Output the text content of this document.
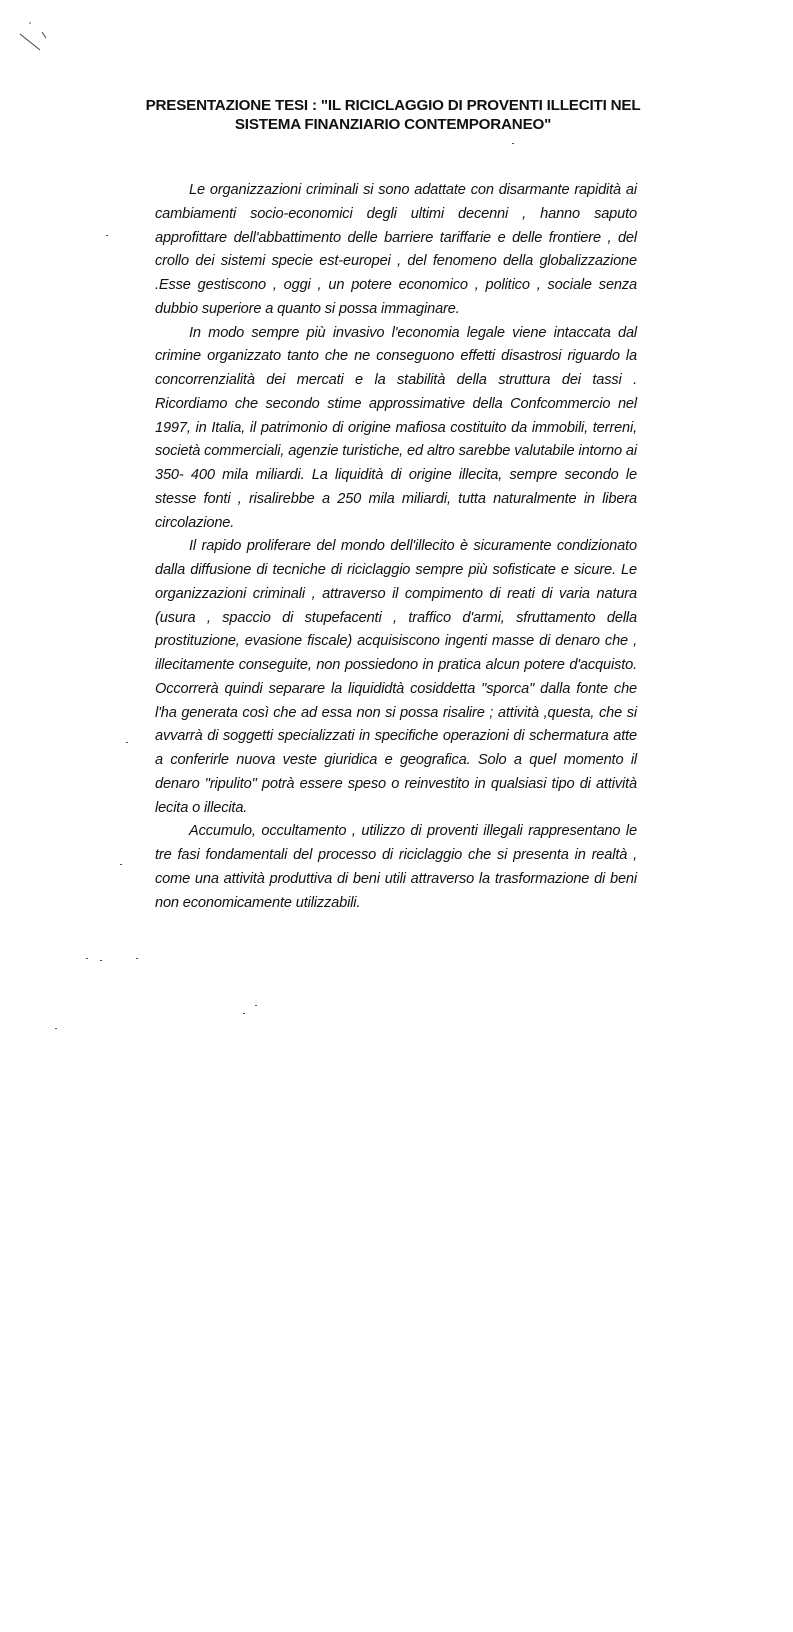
PRESENTAZIONE TESI : "IL RICICLAGGIO DI PROVENTI ILLECITI NEL
SISTEMA FINANZIARIO CONTEMPORANEO"

Le organizzazioni criminali si sono adattate con disarmante rapidità ai cambiamenti socio-economici degli ultimi decenni , hanno saputo approfittare dell'abbattimento delle barriere tariffarie e delle frontiere , del crollo dei sistemi specie est-europei , del fenomeno della globalizzazione .Esse gestiscono , oggi , un potere economico , politico , sociale senza dubbio superiore a quanto si possa immaginare.

In modo sempre più invasivo l'economia legale viene intaccata dal crimine organizzato tanto che ne conseguono effetti disastrosi riguardo la concorrenzialità dei mercati e la stabilità della struttura dei tassi . Ricordiamo che secondo stime approssimative della Confcommercio nel 1997, in Italia, il patrimonio di origine mafiosa costituito da immobili, terreni, società commerciali, agenzie turistiche, ed altro sarebbe valutabile intorno ai 350- 400 mila miliardi. La liquidità di origine illecita, sempre secondo le stesse fonti , risalirebbe a 250 mila miliardi, tutta naturalmente in libera circolazione.

Il rapido proliferare del mondo dell'illecito è sicuramente condizionato dalla diffusione di tecniche di riciclaggio sempre più sofisticate e sicure. Le organizzazioni criminali , attraverso il compimento di reati di varia natura (usura , spaccio di stupefacenti , traffico d'armi, sfruttamento della prostituzione, evasione fiscale) acquisiscono ingenti masse di denaro che , illecitamente conseguite, non possiedono in pratica alcun potere d'acquisto. Occorrerà quindi separare la liquididtà cosiddetta "sporca" dalla fonte che l'ha generata così che ad essa non si possa risalire ; attività ,questa, che si avvarrà di soggetti specializzati in specifiche operazioni di schermatura atte a conferirle nuova veste giuridica e geografica. Solo a quel momento il denaro "ripulito" potrà essere speso o reinvestito in qualsiasi tipo di attività lecita o illecita.

Accumulo, occultamento , utilizzo di proventi illegali rappresentano le tre fasi fondamentali del processo di riciclaggio che si presenta in realtà , come una attività produttiva di beni utili attraverso la trasformazione di beni non economicamente utilizzabili.
